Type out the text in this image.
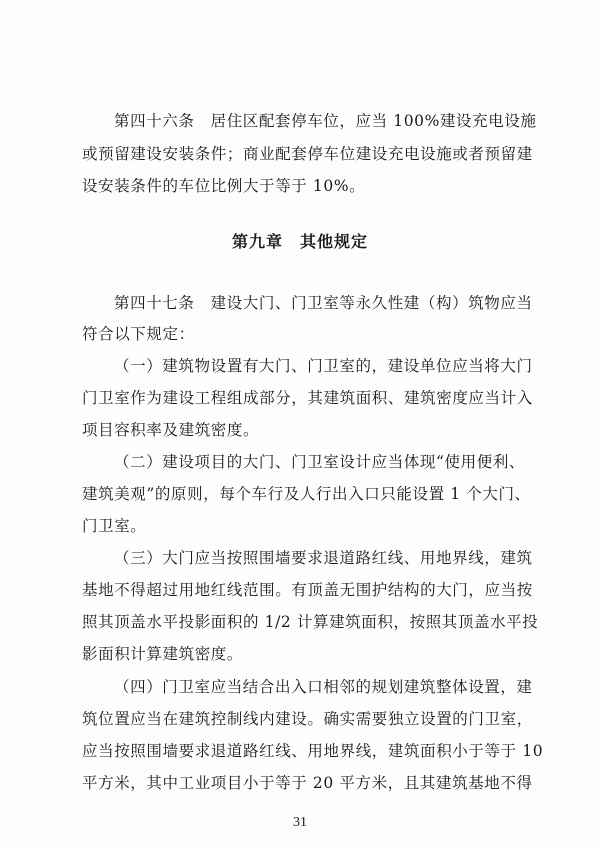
第四十六条　居住区配套停车位，应当 100%建设充电设施
或预留建设安装条件；商业配套停车位建设充电设施或者预留建
设安装条件的车位比例大于等于 10%。
第九章　其他规定
第四十七条　建设大门、门卫室等永久性建（构）筑物应当
符合以下规定：
（一）建筑物设置有大门、门卫室的，建设单位应当将大门
门卫室作为建设工程组成部分，其建筑面积、建筑密度应当计入
项目容积率及建筑密度。
（二）建设项目的大门、门卫室设计应当体现“使用便利、
建筑美观”的原则，每个车行及人行出入口只能设置 1 个大门、
门卫室。
（三）大门应当按照围墙要求退道路红线、用地界线，建筑
基地不得超过用地红线范围。有顶盖无围护结构的大门，应当按
照其顶盖水平投影面积的 1/2 计算建筑面积，按照其顶盖水平投
影面积计算建筑密度。
（四）门卫室应当结合出入口相邻的规划建筑整体设置，建
筑位置应当在建筑控制线内建设。确实需要独立设置的门卫室，
应当按照围墙要求退道路红线、用地界线，建筑面积小于等于 10
平方米，其中工业项目小于等于 20 平方米，且其建筑基地不得
31
